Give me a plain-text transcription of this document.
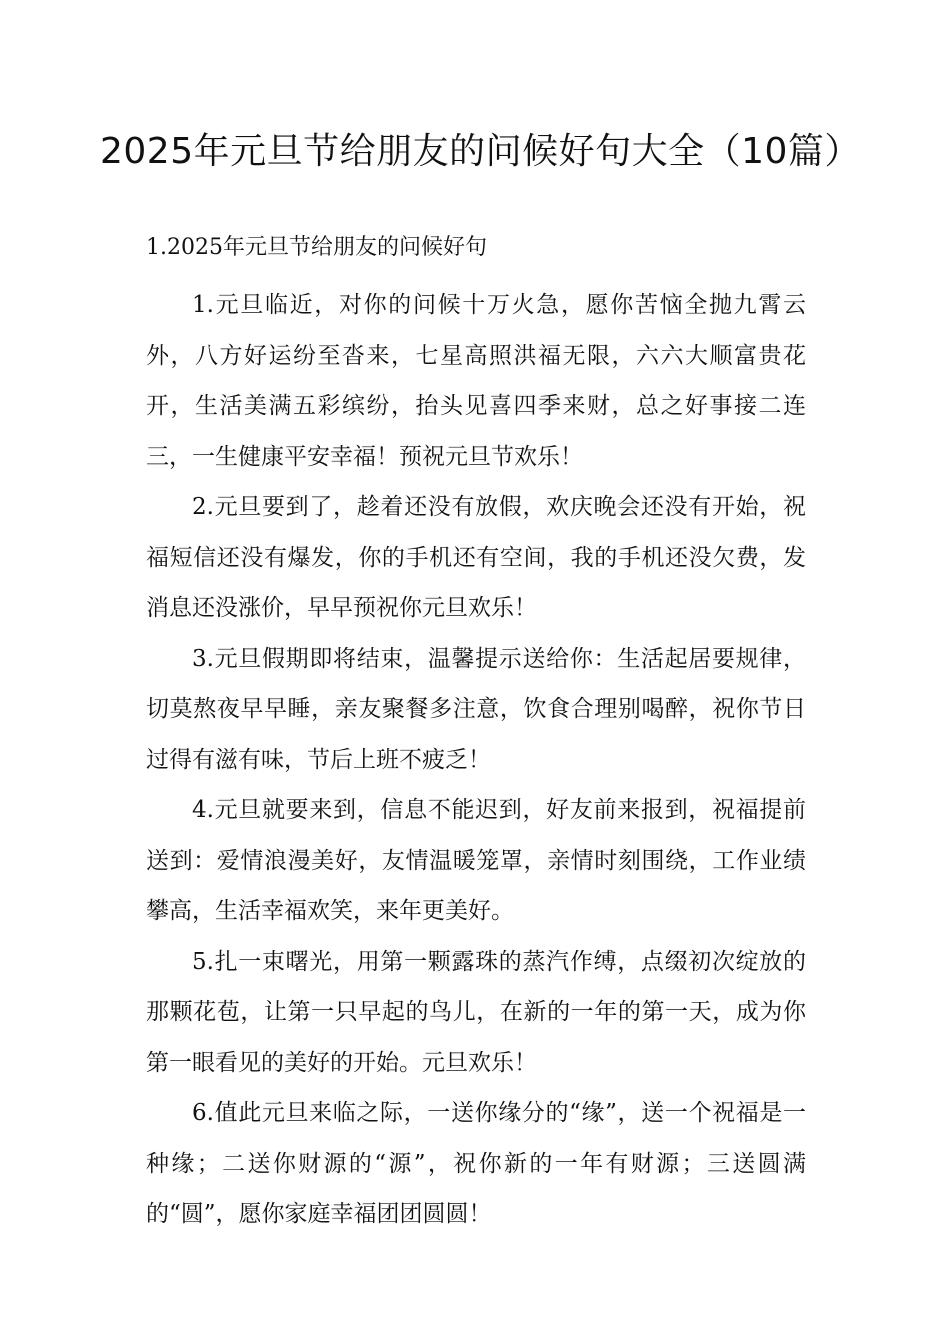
2025年元旦节给朋友的问候好句大全（10篇）
1.2025年元旦节给朋友的问候好句

1.元旦临近，对你的问候十万火急，愿你苦恼全抛九霄云外，八方好运纷至沓来，七星高照洪福无限，六六大顺富贵花开，生活美满五彩缤纷，抬头见喜四季来财，总之好事接二连三，一生健康平安幸福！预祝元旦节欢乐！

2.元旦要到了，趁着还没有放假，欢庆晚会还没有开始，祝福短信还没有爆发，你的手机还有空间，我的手机还没欠费，发消息还没涨价，早早预祝你元旦欢乐！

3.元旦假期即将结束，温馨提示送给你：生活起居要规律，切莫熬夜早早睡，亲友聚餐多注意，饮食合理别喝醉，祝你节日过得有滋有味，节后上班不疲乏！

4.元旦就要来到，信息不能迟到，好友前来报到，祝福提前送到：爱情浪漫美好，友情温暖笼罩，亲情时刻围绕，工作业绩攀高，生活幸福欢笑，来年更美好。

5.扎一束曙光，用第一颗露珠的蒸汽作缚，点缀初次绽放的那颗花苞，让第一只早起的鸟儿，在新的一年的第一天，成为你第一眼看见的美好的开始。元旦欢乐！

6.值此元旦来临之际，一送你缘分的“缘”，送一个祝福是一种缘；二送你财源的“源”，祝你新的一年有财源；三送圆满的“圆”，愿你家庭幸福团团圆圆！
